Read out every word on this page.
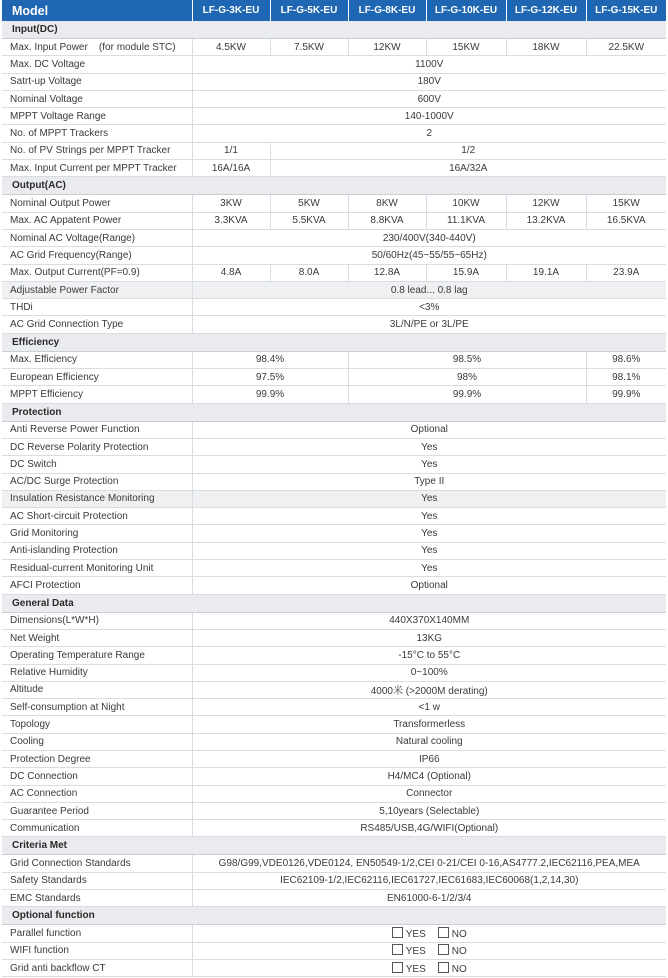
Model	LF-G-3K-EU	LF-G-5K-EU	LF-G-8K-EU	LF-G-10K-EU	LF-G-12K-EU	LF-G-15K-EU
Input(DC)						
Max. Input Power    (for module STC)	4.5KW	7.5KW	12KW	15KW	18KW	22.5KW
Max. DC Voltage	1100V					
Satrt-up Voltage	180V					
Nominal Voltage	600V					
MPPT Voltage Range	140-1000V					
No. of MPPT Trackers	2					
No. of PV Strings per MPPT Tracker	1/1	1/2				
Max. Input Current per MPPT Tracker	16A/16A	16A/32A				
Output(AC)						
Nominal Output Power	3KW	5KW	8KW	10KW	12KW	15KW
Max. AC Appatent Power	3.3KVA	5.5KVA	8.8KVA	11.1KVA	13.2KVA	16.5KVA
Nominal AC Voltage(Range)	230/400V(340-440V)					
AC Grid Frequency(Range)	50/60Hz(45~55/55~65Hz)					
Max. Output Current(PF=0.9)	4.8A	8.0A	12.8A	15.9A	19.1A	23.9A
Adjustable Power Factor	0.8 lead... 0.8 lag					
THDi	<3%					
AC Grid Connection Type	3L/N/PE or 3L/PE					
Efficiency						
Max. Efficiency	98.4%		98.5%			98.6%
European Efficiency	97.5%		98%			98.1%
MPPT Efficiency	99.9%		99.9%			99.9%
Protection						
Anti Reverse Power Function	Optional					
DC Reverse Polarity Protection	Yes					
DC Switch	Yes					
AC/DC Surge Protection	Type II					
Insulation Resistance Monitoring	Yes					
AC Short-circuit Protection	Yes					
Grid Monitoring	Yes					
Anti-islanding Protection	Yes					
Residual-current Monitoring Unit	Yes					
AFCI Protection	Optional					
General Data						
Dimensions(L*W*H)	440X370X140MM					
Net Weight	13KG					
Operating Temperature Range	-15°C to 55°C					
Relative Humidity	0~100%					
Altitude	4000米 (>2000M derating)					
Self-consumption at Night	<1 w					
Topology	Transformerless					
Cooling	Natural cooling					
Protection Degree	IP66					
DC Connection	H4/MC4 (Optional)					
AC Connection	Connector					
Guarantee Period	5,10years (Selectable)					
Communication	RS485/USB,4G/WIFI(Optional)					
Criteria Met						
Grid Connection Standards	G98/G99,VDE0126,VDE0124, EN50549-1/2,CEI 0-21/CEI 0-16,AS4777.2,IEC62116,PEA,MEA					
Safety Standards	IEC62109-1/2,IEC62116,IEC61727,IEC61683,IEC60068(1,2,14,30)					
EMC Standards	EN61000-6-1/2/3/4					
Optional function						
Parallel function	YES NO					
WIFI function	YES NO					
Grid anti backflow CT	YES NO					
